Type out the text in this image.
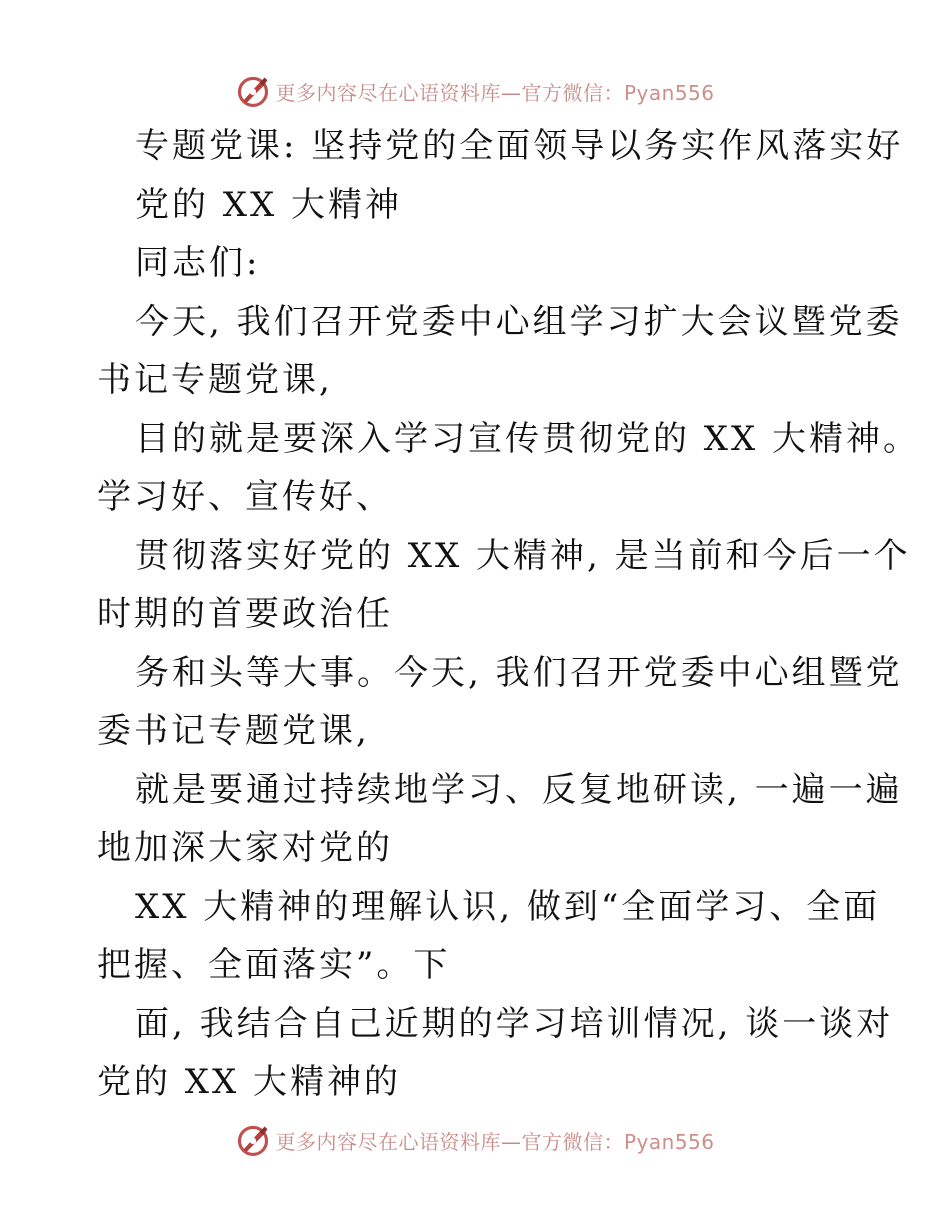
更多内容尽在心语资料库—官方微信：Pyan556
专题党课: 坚持党的全面领导以务实作风落实好
党的 XX 大精神
同志们:
今天, 我们召开党委中心组学习扩大会议暨党委
书记专题党课,
目的就是要深入学习宣传贯彻党的 XX 大精神。
学习好、宣传好、
贯彻落实好党的 XX 大精神, 是当前和今后一个
时期的首要政治任
务和头等大事。今天, 我们召开党委中心组暨党
委书记专题党课,
就是要通过持续地学习、反复地研读, 一遍一遍
地加深大家对党的
XX 大精神的理解认识, 做到“全面学习、全面
把握、全面落实”。下
面, 我结合自己近期的学习培训情况, 谈一谈对
党的 XX 大精神的
更多内容尽在心语资料库—官方微信：Pyan556
